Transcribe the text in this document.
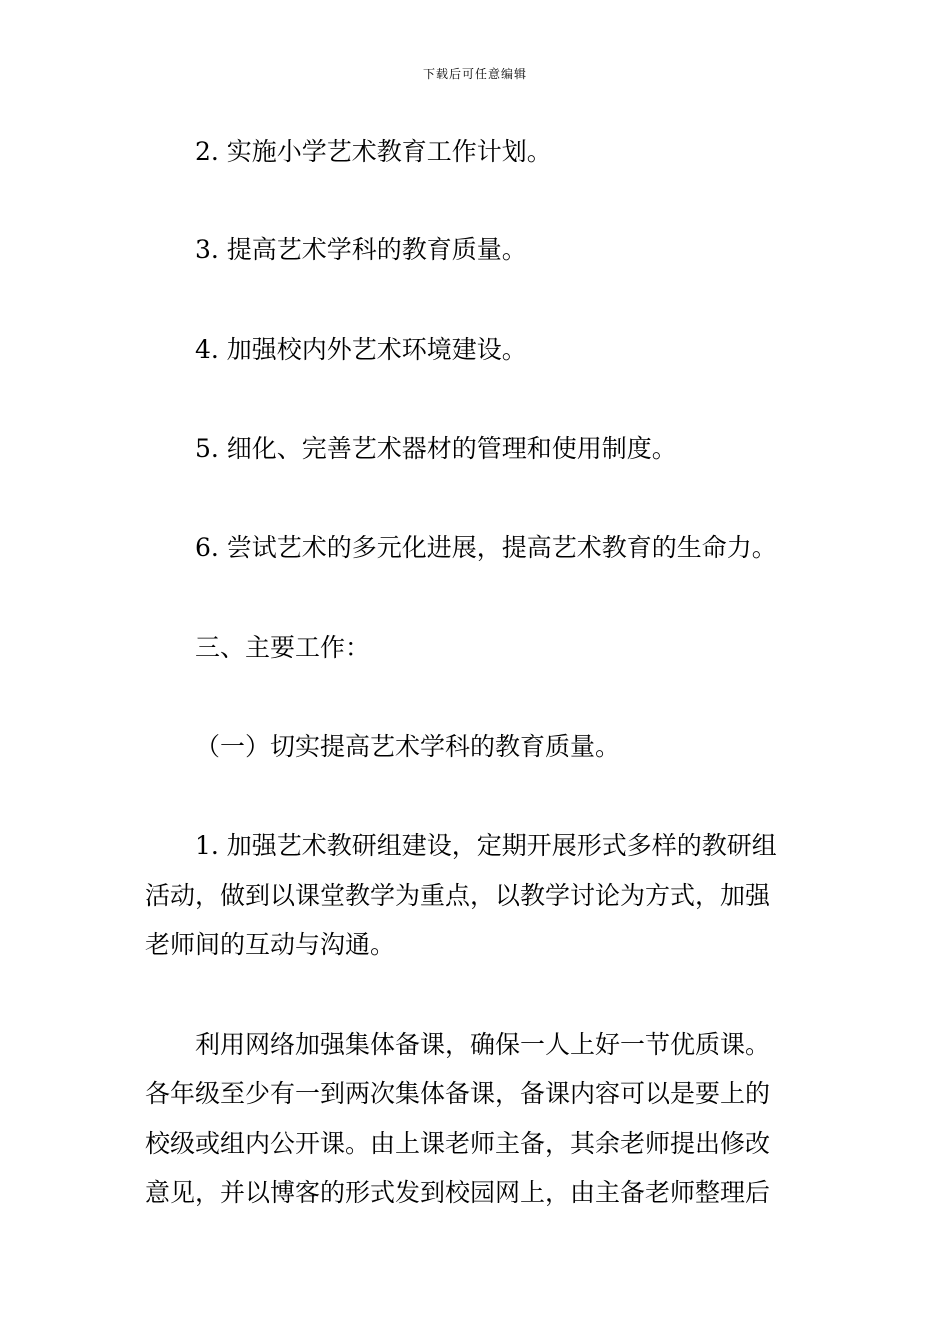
下载后可任意编辑
2. 实施小学艺术教育工作计划。
3. 提高艺术学科的教育质量。
4. 加强校内外艺术环境建设。
5. 细化、完善艺术器材的管理和使用制度。
6. 尝试艺术的多元化进展，提高艺术教育的生命力。
三、主要工作：
（一）切实提高艺术学科的教育质量。
1. 加强艺术教研组建设，定期开展形式多样的教研组
活动，做到以课堂教学为重点，以教学讨论为方式，加强
老师间的互动与沟通。
利用网络加强集体备课，确保一人上好一节优质课。
各年级至少有一到两次集体备课，备课内容可以是要上的
校级或组内公开课。由上课老师主备，其余老师提出修改
意见，并以博客的形式发到校园网上，由主备老师整理后
